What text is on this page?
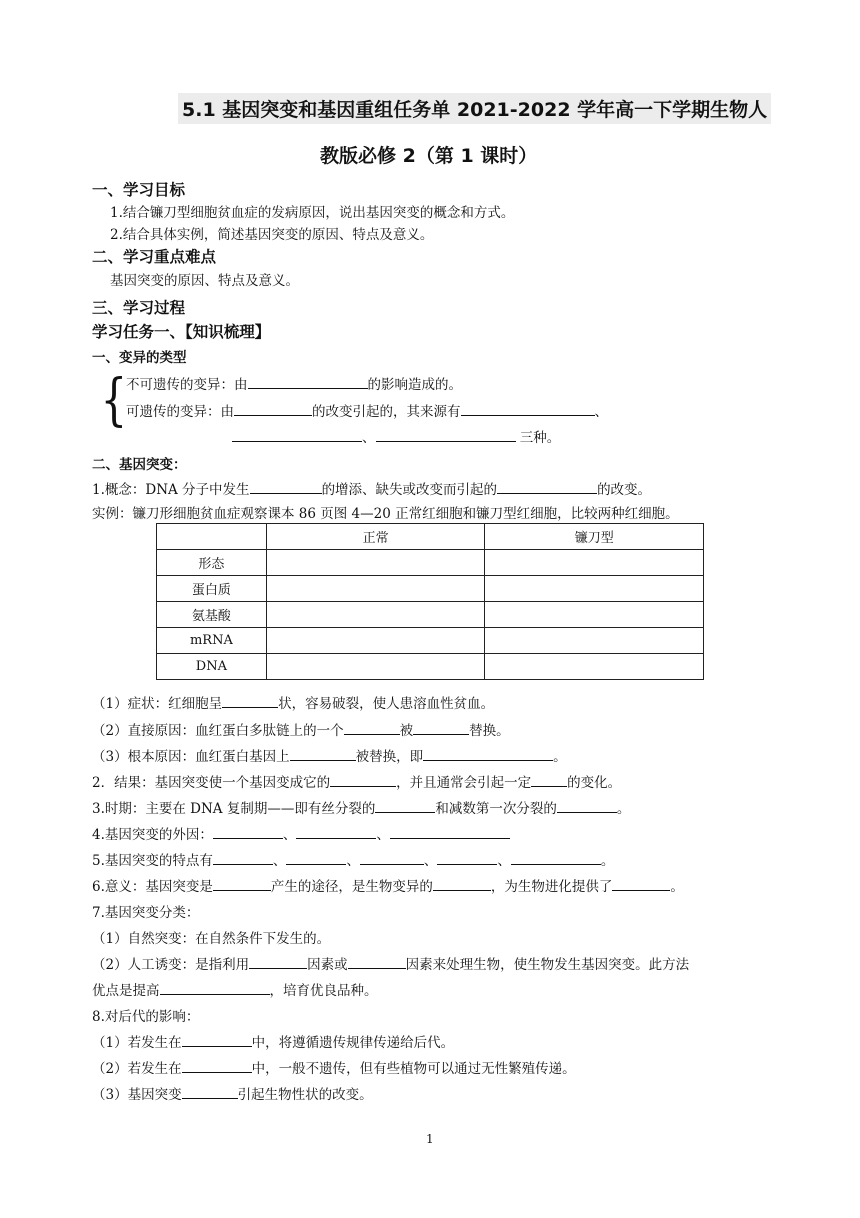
5.1 基因突变和基因重组任务单 2021-2022 学年高一下学期生物人
教版必修 2（第 1 课时）
一、学习目标
1.结合镰刀型细胞贫血症的发病原因，说出基因突变的概念和方式。
2.结合具体实例，简述基因突变的原因、特点及意义。
二、学习重点难点
基因突变的原因、特点及意义。
三、学习过程
学习任务一、【知识梳理】
一、变异的类型
{
不可遗传的变异：由	的影响造成的。
可遗传的变异：由	的改变引起的，其来源有	、
、	三种。
二、基因突变：
1.概念：DNA 分子中发生	的增添、缺失或改变而引起的	的改变。
实例：镰刀形细胞贫血症观察课本 86 页图 4—20 正常红细胞和镰刀型红细胞，比较两种红细胞。
	正常	镰刀型
形态		
蛋白质		
氨基酸		
mRNA		
DNA		
（1）症状：红细胞呈	状，容易破裂，使人患溶血性贫血。
（2）直接原因：血红蛋白多肽链上的一个	被	替换。
（3）根本原因：血红蛋白基因上	被替换，即	。
2．结果：基因突变使一个基因变成它的	，并且通常会引起一定	的变化。
3.时期：主要在 DNA 复制期——即有丝分裂的	和减数第一次分裂的	。
4.基因突变的外因：	、	、
5.基因突变的特点有	、	、	、	、	。
6.意义：基因突变是	产生的途径，是生物变异的	，为生物进化提供了	。
7.基因突变分类：
（1）自然突变：在自然条件下发生的。
（2）人工诱变：是指利用	因素或	因素来处理生物，使生物发生基因突变。此方法
优点是提高	，培育优良品种。
8.对后代的影响：
（1）若发生在	中，将遵循遗传规律传递给后代。
（2）若发生在	中，一般不遗传，但有些植物可以通过无性繁殖传递。
（3）基因突变	引起生物性状的改变。
1
